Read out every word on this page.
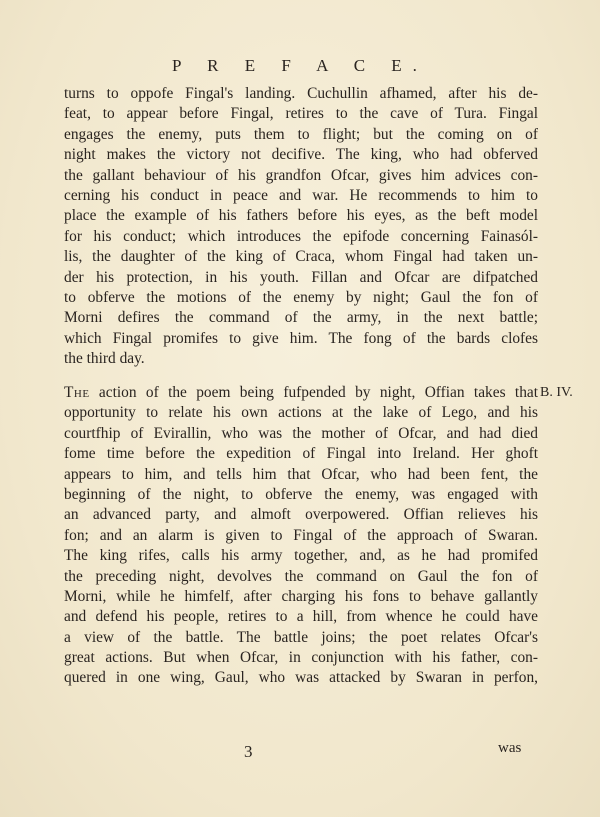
P R E F A C E.
turns to oppofe Fingal's landing. Cuchullin afhamed, after his de-
feat, to appear before Fingal, retires to the cave of Tura. Fingal
engages the enemy, puts them to flight; but the coming on of
night makes the victory not decifive. The king, who had obferved
the gallant behaviour of his grandfon Ofcar, gives him advices con-
cerning his conduct in peace and war. He recommends to him to
place the example of his fathers before his eyes, as the beft model
for his conduct; which introduces the epifode concerning Fainasól-
lis, the daughter of the king of Craca, whom Fingal had taken un-
der his protection, in his youth. Fillan and Ofcar are difpatched
to obferve the motions of the enemy by night; Gaul the fon of
Morni defires the command of the army, in the next battle;
which Fingal promifes to give him. The fong of the bards clofes
the third day.
The action of the poem being fufpended by night, Offian takes that
opportunity to relate his own actions at the lake of Lego, and his
courtfhip of Evirallin, who was the mother of Ofcar, and had died
fome time before the expedition of Fingal into Ireland. Her ghoft
appears to him, and tells him that Ofcar, who had been fent, the
beginning of the night, to obferve the enemy, was engaged with
an advanced party, and almoft overpowered. Offian relieves his
fon; and an alarm is given to Fingal of the approach of Swaran.
The king rifes, calls his army together, and, as he had promifed
the preceding night, devolves the command on Gaul the fon of
Morni, while he himfelf, after charging his fons to behave gallantly
and defend his people, retires to a hill, from whence he could have
a view of the battle. The battle joins; the poet relates Ofcar's
great actions. But when Ofcar, in conjunction with his father, con-
quered in one wing, Gaul, who was attacked by Swaran in perfon,
B. IV.
3	was
